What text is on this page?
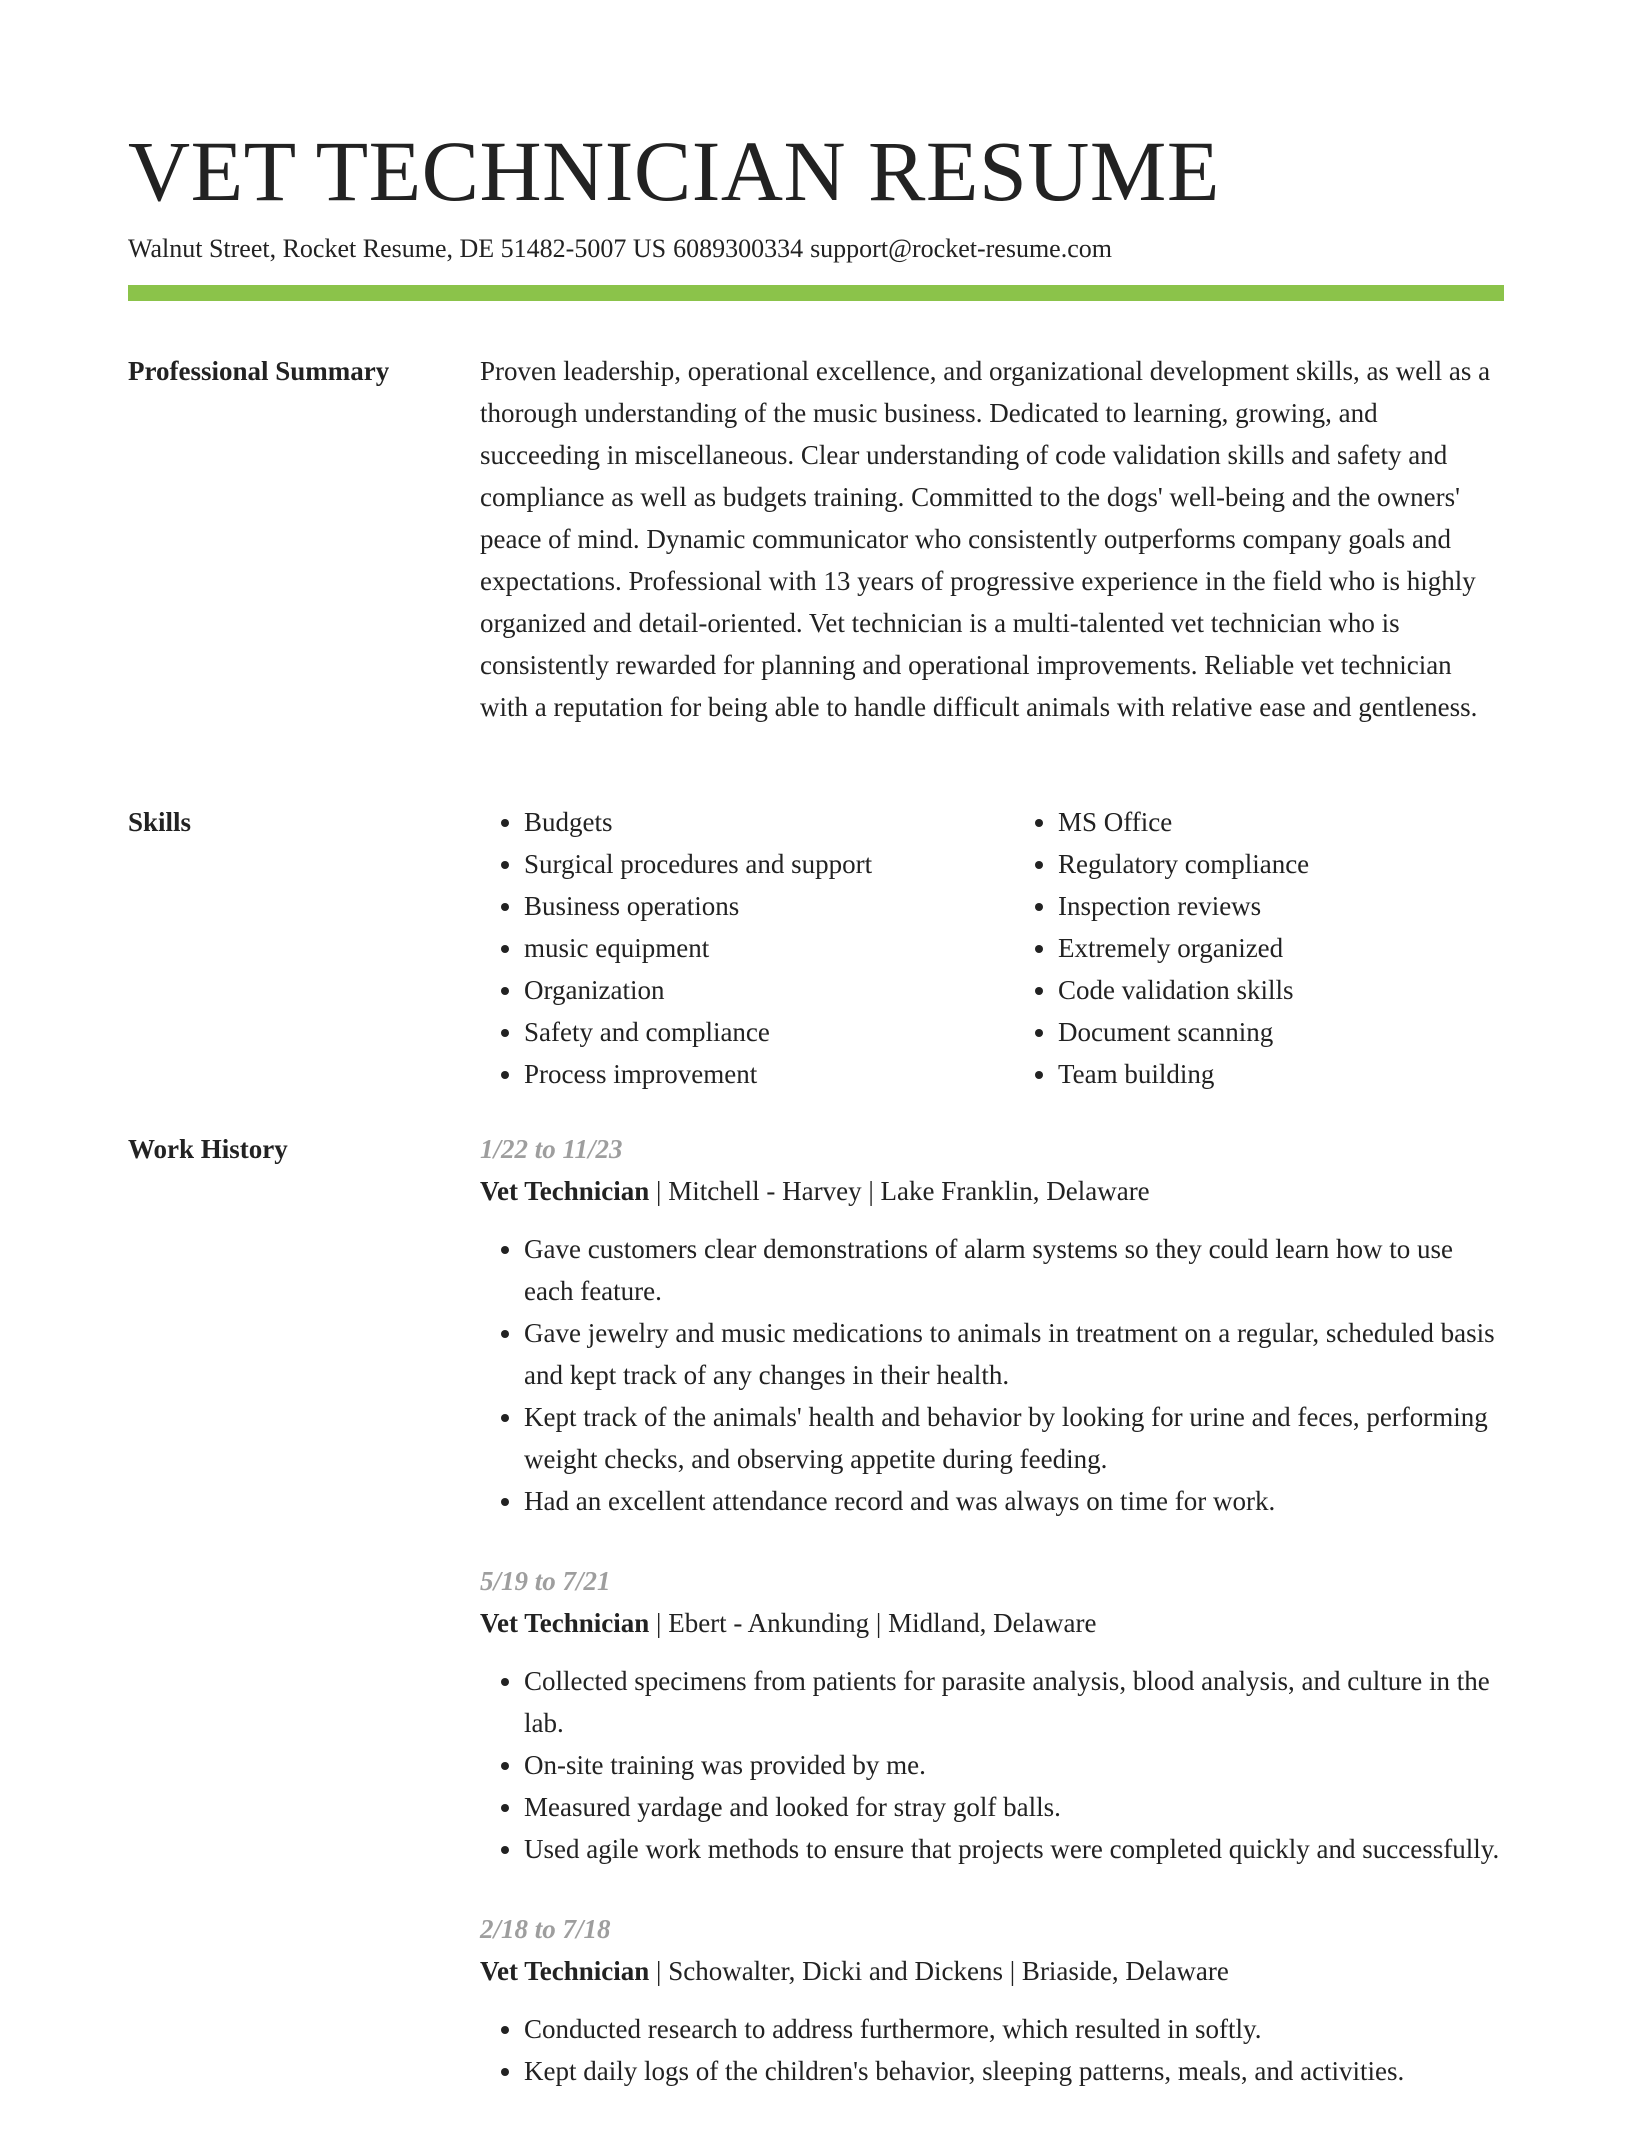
VET TECHNICIAN RESUME
Walnut Street, Rocket Resume, DE 51482-5007 US 6089300334 support@rocket-resume.com
Professional Summary	Proven leadership, operational excellence, and organizational development skills, as well as a thorough understanding of the music business. Dedicated to learning, growing, and succeeding in miscellaneous. Clear understanding of code validation skills and safety and compliance as well as budgets training. Committed to the dogs' well-being and the owners' peace of mind. Dynamic communicator who consistently outperforms company goals and expectations. Professional with 13 years of progressive experience in the field who is highly organized and detail-oriented. Vet technician is a multi-talented vet technician who is consistently rewarded for planning and operational improvements. Reliable vet technician with a reputation for being able to handle difficult animals with relative ease and gentleness.

Skills
•	Budgets
• Surgical procedures and support
• Business operations
• music equipment
• Organization
• Safety and compliance
• Process improvement
• MS Office
• Regulatory compliance
• Inspection reviews
• Extremely organized
• Code validation skills
• Document scanning
• Team building
Work History	1/22 to 11/23
Vet Technician | Mitchell - Harvey | Lake Franklin, Delaware
• Gave customers clear demonstrations of alarm systems so they could learn how to use each feature.
• Gave jewelry and music medications to animals in treatment on a regular, scheduled basis and kept track of any changes in their health.
• Kept track of the animals' health and behavior by looking for urine and feces, performing weight checks, and observing appetite during feeding.
• Had an excellent attendance record and was always on time for work.
5/19 to 7/21
Vet Technician | Ebert - Ankunding | Midland, Delaware
• Collected specimens from patients for parasite analysis, blood analysis, and culture in the lab.
• On-site training was provided by me.
• Measured yardage and looked for stray golf balls.
• Used agile work methods to ensure that projects were completed quickly and successfully.
2/18 to 7/18
Vet Technician | Schowalter, Dicki and Dickens | Briaside, Delaware
• Conducted research to address furthermore, which resulted in softly.
• Kept daily logs of the children's behavior, sleeping patterns, meals, and activities.
